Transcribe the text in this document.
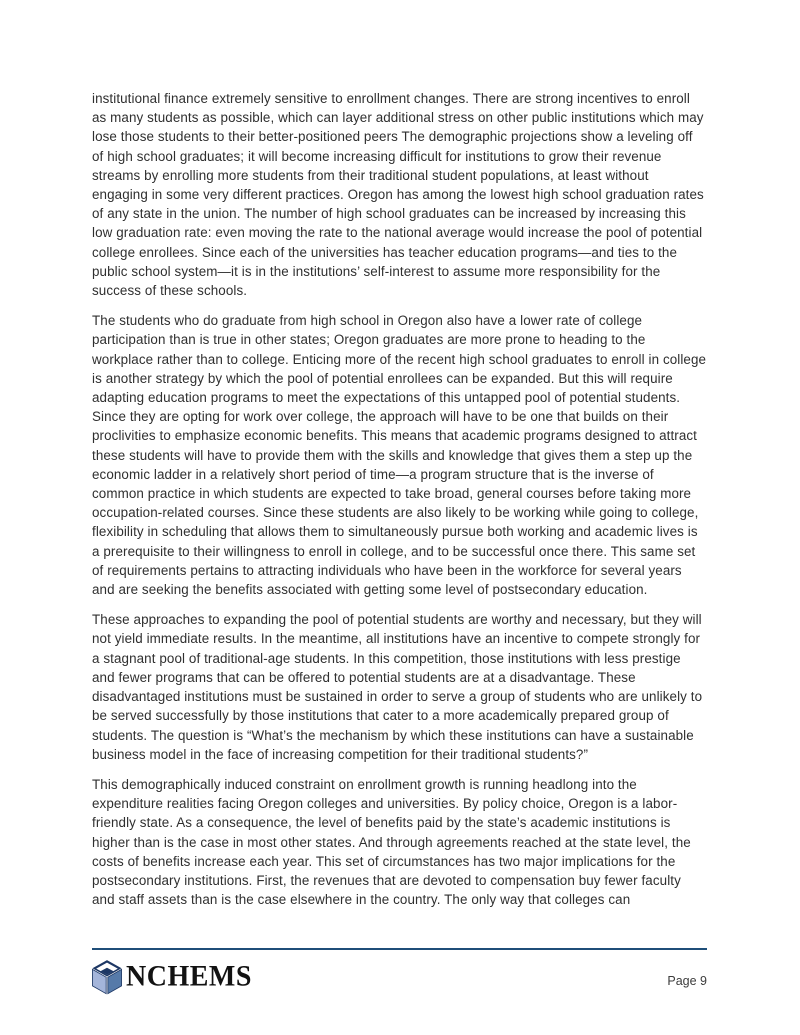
institutional finance extremely sensitive to enrollment changes. There are strong incentives to enroll as many students as possible, which can layer additional stress on other public institutions which may lose those students to their better-positioned peers The demographic projections show a leveling off of high school graduates; it will become increasing difficult for institutions to grow their revenue streams by enrolling more students from their traditional student populations, at least without engaging in some very different practices. Oregon has among the lowest high school graduation rates of any state in the union. The number of high school graduates can be increased by increasing this low graduation rate: even moving the rate to the national average would increase the pool of potential college enrollees. Since each of the universities has teacher education programs—and ties to the public school system—it is in the institutions’ self-interest to assume more responsibility for the success of these schools.

The students who do graduate from high school in Oregon also have a lower rate of college participation than is true in other states; Oregon graduates are more prone to heading to the workplace rather than to college. Enticing more of the recent high school graduates to enroll in college is another strategy by which the pool of potential enrollees can be expanded. But this will require adapting education programs to meet the expectations of this untapped pool of potential students. Since they are opting for work over college, the approach will have to be one that builds on their proclivities to emphasize economic benefits. This means that academic programs designed to attract these students will have to provide them with the skills and knowledge that gives them a step up the economic ladder in a relatively short period of time—a program structure that is the inverse of common practice in which students are expected to take broad, general courses before taking more occupation-related courses. Since these students are also likely to be working while going to college, flexibility in scheduling that allows them to simultaneously pursue both working and academic lives is a prerequisite to their willingness to enroll in college, and to be successful once there. This same set of requirements pertains to attracting individuals who have been in the workforce for several years and are seeking the benefits associated with getting some level of postsecondary education.

These approaches to expanding the pool of potential students are worthy and necessary, but they will not yield immediate results. In the meantime, all institutions have an incentive to compete strongly for a stagnant pool of traditional-age students. In this competition, those institutions with less prestige and fewer programs that can be offered to potential students are at a disadvantage. These disadvantaged institutions must be sustained in order to serve a group of students who are unlikely to be served successfully by those institutions that cater to a more academically prepared group of students. The question is “What’s the mechanism by which these institutions can have a sustainable business model in the face of increasing competition for their traditional students?”

This demographically induced constraint on enrollment growth is running headlong into the expenditure realities facing Oregon colleges and universities. By policy choice, Oregon is a labor-friendly state. As a consequence, the level of benefits paid by the state’s academic institutions is higher than is the case in most other states. And through agreements reached at the state level, the costs of benefits increase each year. This set of circumstances has two major implications for the postsecondary institutions. First, the revenues that are devoted to compensation buy fewer faculty and staff assets than is the case elsewhere in the country. The only way that colleges can

NCHEMS	Page 9
